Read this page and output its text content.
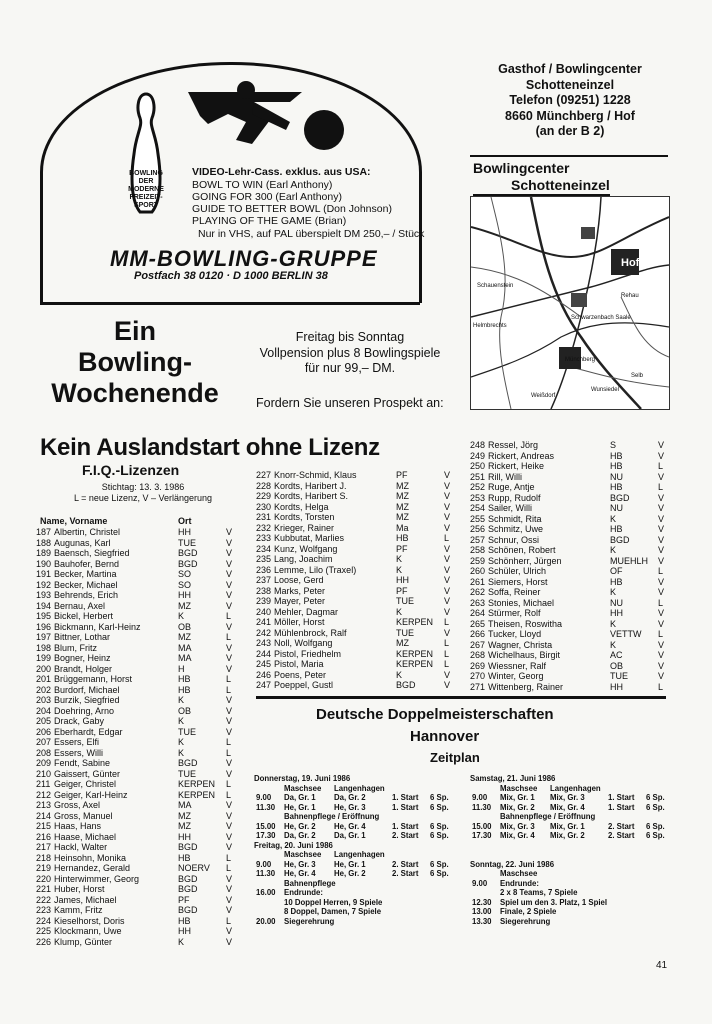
BOWLING
DER
MODERNE
FREIZEIT-
SPORT
VIDEO-Lehr-Cass. exklus. aus USA:
BOWL TO WIN (Earl Anthony)
GOING FOR 300 (Earl Anthony)
GUIDE TO BETTER BOWL (Don Johnson)
PLAYING OF THE GAME (Brian)
Nur in VHS, auf PAL überspielt DM 250,– / Stück
MM-BOWLING-GRUPPE
Postfach 38 0120 · D 1000 BERLIN 38
Gasthof / Bowlingcenter
Schotteneinzel
Telefon (09251) 1228
8660 Münchberg / Hof
(an der B 2)
Bowlingcenter
Schotteneinzel
Hof
Schwarzenbach Saale
Münchberg
Helmbrechts
Schauenstein
Rehau
Selb
Wunsiedel
Weißdorf
Ein
Bowling-
Wochenende
Freitag bis Sonntag
Vollpension plus 8 Bowlingspiele
für nur 99,– DM.
Fordern Sie unseren Prospekt an:
Kein Auslandstart ohne Lizenz
F.I.Q.-Lizenzen
Stichtag: 13. 3. 1986
L = neue Lizenz, V – Verlängerung
Name, Vorname	Ort
187 Albertin, Christel	HH	V
188 Augunas, Karl	TUE	V
189 Baensch, Siegfried	BGD	V
190 Bauhofer, Bernd	BGD	V
191 Becker, Martina	SO	V
192 Becker, Michael	SO	V
193 Behrends, Erich	HH	V
194 Bernau, Axel	MZ	V
195 Bickel, Herbert	K	L
196 Bickmann, Karl-Heinz	OB	V
197 Bittner, Lothar	MZ	L
198 Blum, Fritz	MA	V
199 Bogner, Heinz	MA	V
200 Brandt, Holger	H	V
201 Brüggemann, Horst	HB	L
202 Burdorf, Michael	HB	L
203 Burzik, Siegfried	K	V
204 Doehring, Arno	OB	V
205 Drack, Gaby	K	V
206 Eberhardt, Edgar	TUE	V
207 Essers, Elfi	K	L
208 Essers, Willi	K	L
209 Fendt, Sabine	BGD	V
210 Gaissert, Günter	TUE	V
211 Geiger, Christel	KERPEN L
212 Geiger, Karl-Heinz	KERPEN L
213 Gross, Axel	MA	V
214 Gross, Manuel	MZ	V
215 Haas, Hans	MZ	V
216 Haase, Michael	HH	V
217 Hackl, Walter	BGD	V
218 Heinsohn, Monika	HB	L
219 Hernandez, Gerald	NOERV L
220 Hinterwimmer, Georg	BGD	V
221 Huber, Horst	BGD	V
222 James, Michael	PF	V
223 Kamm, Fritz	BGD	V
224 Kieselhorst, Doris	HB	L
225 Klockmann, Uwe	HH	V
226 Klump, Günter	K	V
227 Knorr-Schmid, Klaus	PF	V
228 Kordts, Haribert J.	MZ	V
229 Kordts, Haribert S.	MZ	V
230 Kordts, Helga	MZ	V
231 Kordts, Torsten	MZ	V
232 Krieger, Rainer	Ma	V
233 Kubbutat, Marlies	HB	L
234 Kunz, Wolfgang	PF	V
235 Lang, Joachim	K	V
236 Lemme, Lilo (Traxel)	K	V
237 Loose, Gerd	HH	V
238 Marks, Peter	PF	V
239 Mayer, Peter	TUE	V
240 Mehler, Dagmar	K	V
241 Möller, Horst	KERPEN L
242 Mühlenbrock, Ralf	TUE	V
243 Noll, Wolfgang	MZ	L
244 Pistol, Friedhelm	KERPEN L
245 Pistol, Maria	KERPEN L
246 Poens, Peter	K	V
247 Poeppel, Gustl	BGD	V
248 Ressel, Jörg	S	V
249 Rickert, Andreas	HB	V
250 Rickert, Heike	HB	L
251 Rill, Willi	NU	V
252 Ruge, Antje	HB	L
253 Rupp, Rudolf	BGD	V
254 Sailer, Willi	NU	V
255 Schmidt, Rita	K	V
256 Schmitz, Uwe	HB	V
257 Schnur, Ossi	BGD	V
258 Schönen, Robert	K	V
259 Schönherr, Jürgen	MUEHLH V
260 Schüler, Ulrich	OF	L
261 Siemers, Horst	HB	V
262 Soffa, Reiner	K	V
263 Stonies, Michael	NU	L
264 Stürmer, Rolf	HH	V
265 Theisen, Roswitha	K	V
266 Tucker, Lloyd	VETTW L
267 Wagner, Christa	K	V
268 Wichelhaus, Birgit	AC	V
269 Wiessner, Ralf	OB	V
270 Winter, Georg	TUE	V
271 Wittenberg, Rainer	HH	L
Deutsche Doppelmeisterschaften
Hannover
Zeitplan
Donnerstag, 19. Juni 1986
Maschsee Langenhagen
9.00 Da, Gr. 1 Da, Gr. 2	1. Start 6 Sp.
11.30 He, Gr. 1 He, Gr. 3	1. Start 6 Sp.
Bahnenpflege / Eröffnung
15.00 He, Gr. 2 He, Gr. 4	1. Start 6 Sp.
17.30 Da, Gr. 2 Da, Gr. 1	2. Start 6 Sp.
Freitag, 20. Juni 1986
Maschsee Langenhagen
9.00 He, Gr. 3 He, Gr. 1	2. Start 6 Sp.
11.30 He, Gr. 4 He, Gr. 2	2. Start 6 Sp.
Bahnenpflege
16.00 Endrunde:
10 Doppel Herren, 9 Spiele
8 Doppel, Damen, 7 Spiele
20.00 Siegerehrung
Samstag, 21. Juni 1986
Maschsee Langenhagen
9.00 Mix, Gr. 1 Mix, Gr. 3	1. Start 6 Sp.
11.30 Mix, Gr. 2 Mix, Gr. 4	1. Start 6 Sp.
Bahnenpflege / Eröffnung
15.00 Mix, Gr. 3 Mix, Gr. 1	2. Start 6 Sp.
17.30 Mix, Gr. 4 Mix, Gr. 2	2. Start 6 Sp.
Sonntag, 22. Juni 1986
Maschsee
9.00 Endrunde:
2 x 8 Teams, 7 Spiele
12.30 Spiel um den 3. Platz, 1 Spiel
13.00 Finale, 2 Spiele
13.30 Siegerehrung
41
